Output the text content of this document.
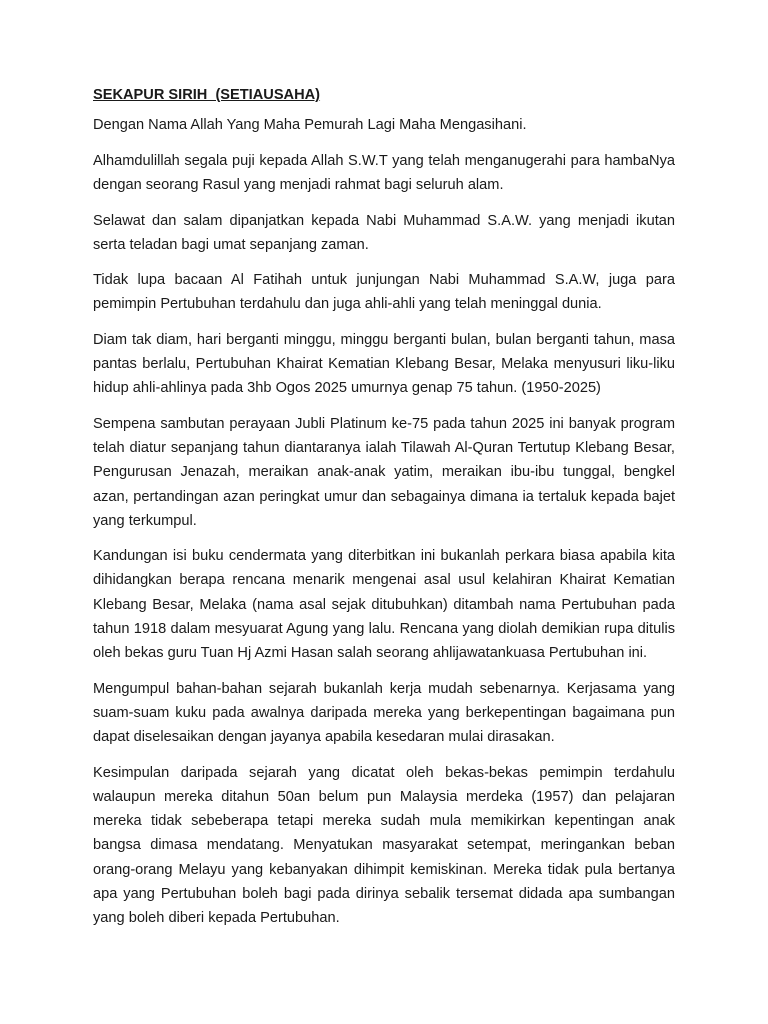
SEKAPUR SIRIH  (SETIAUSAHA)

Dengan Nama Allah Yang Maha Pemurah Lagi Maha Mengasihani.

Alhamdulillah segala puji kepada Allah S.W.T yang telah menganugerahi para hambaNya dengan seorang Rasul yang menjadi rahmat bagi seluruh alam.

Selawat dan salam dipanjatkan kepada Nabi Muhammad S.A.W. yang menjadi ikutan serta teladan bagi umat sepanjang zaman.

Tidak lupa bacaan Al Fatihah untuk junjungan Nabi Muhammad S.A.W, juga para pemimpin Pertubuhan terdahulu dan juga ahli-ahli yang telah meninggal dunia.

Diam tak diam, hari berganti minggu, minggu berganti bulan, bulan berganti tahun, masa pantas berlalu, Pertubuhan Khairat Kematian Klebang Besar, Melaka menyusuri liku-liku hidup ahli-ahlinya pada 3hb Ogos 2025 umurnya genap 75 tahun. (1950-2025)

Sempena sambutan perayaan Jubli Platinum ke-75 pada tahun 2025 ini banyak program telah diatur sepanjang tahun diantaranya ialah Tilawah Al-Quran Tertutup Klebang Besar, Pengurusan Jenazah, meraikan anak-anak yatim, meraikan ibu-ibu tunggal, bengkel azan, pertandingan azan peringkat umur dan sebagainya dimana ia tertaluk kepada bajet yang terkumpul.

Kandungan isi buku cendermata yang diterbitkan ini bukanlah perkara biasa apabila kita dihidangkan berapa rencana menarik mengenai asal usul kelahiran Khairat Kematian Klebang Besar, Melaka (nama asal sejak ditubuhkan) ditambah nama Pertubuhan pada tahun 1918 dalam mesyuarat Agung yang lalu. Rencana yang diolah demikian rupa ditulis oleh bekas guru Tuan Hj Azmi Hasan salah seorang ahlijawatankuasa Pertubuhan ini.

Mengumpul bahan-bahan sejarah bukanlah kerja mudah sebenarnya. Kerjasama yang suam-suam kuku pada awalnya daripada mereka yang berkepentingan bagaimana pun dapat diselesaikan dengan jayanya apabila kesedaran mulai dirasakan.

Kesimpulan daripada sejarah yang dicatat oleh bekas-bekas pemimpin terdahulu walaupun mereka ditahun 50an belum pun Malaysia merdeka (1957) dan pelajaran mereka tidak sebeberapa tetapi mereka sudah mula memikirkan kepentingan anak bangsa dimasa mendatang. Menyatukan masyarakat setempat, meringankan beban orang-orang Melayu yang kebanyakan dihimpit kemiskinan. Mereka tidak pula bertanya apa yang Pertubuhan boleh bagi pada dirinya sebalik tersemat didada apa sumbangan yang boleh diberi kepada Pertubuhan.
